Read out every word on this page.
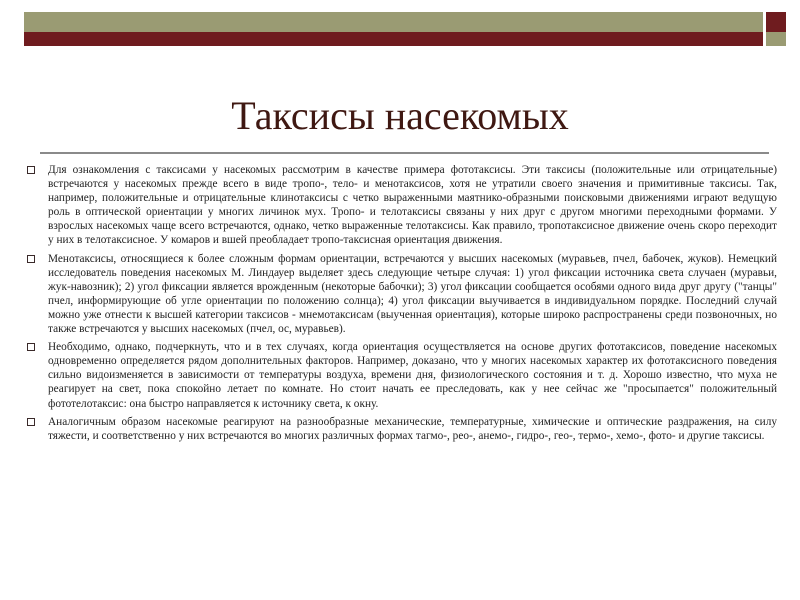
Таксисы насекомых

Для ознакомления с таксисами у насекомых рассмотрим в качестве примера фототаксисы. Эти таксисы (положительные или отрицательные) встречаются у насекомых прежде всего в виде тропо-, тело- и менотаксисов, хотя не утратили своего значения и примитивные таксисы. Так, например, положительные и отрицательные клинотаксисы с четко выраженными маятнико-образными поисковыми движениями играют ведущую роль в оптической ориентации у многих личинок мух. Тропо- и телотаксисы связаны у них друг с другом многими переходными формами. У взрослых насекомых чаще всего встречаются, однако, четко выраженные телотаксисы. Как правило, тропотаксисное движение очень скоро переходит у них в телотаксисное. У комаров и вшей преобладает тропо-таксисная ориентация движения.

Менотаксисы, относящиеся к более сложным формам ориентации, встречаются у высших насекомых (муравьев, пчел, бабочек, жуков). Немецкий исследователь поведения насекомых М. Линдауер выделяет здесь следующие четыре случая: 1) угол фиксации источника света случаен (муравьи, жук-навозник); 2) угол фиксации является врожденным (некоторые бабочки); 3) угол фиксации сообщается особями одного вида друг другу ("танцы" пчел, информирующие об угле ориентации по положению солнца); 4) угол фиксации выучивается в индивидуальном порядке. Последний случай можно уже отнести к высшей категории таксисов - мнемотаксисам (выученная ориентация), которые широко распространены среди позвоночных, но также встречаются у высших насекомых (пчел, ос, муравьев).

Необходимо, однако, подчеркнуть, что и в тех случаях, когда ориентация осуществляется на основе других фототаксисов, поведение насекомых одновременно определяется рядом дополнительных факторов. Например, доказано, что у многих насекомых характер их фототаксисного поведения сильно видоизменяется в зависимости от температуры воздуха, времени дня, физиологического состояния и т. д. Хорошо известно, что муха не реагирует на свет, пока спокойно летает по комнате. Но стоит начать ее преследовать, как у нее сейчас же "просыпается" положительный фототелотаксис: она быстро направляется к источнику света, к окну.

Аналогичным образом насекомые реагируют на разнообразные механические, температурные, химические и оптические раздражения, на силу тяжести, и соответственно у них встречаются во многих различных формах тагмо-, рео-, анемо-, гидро-, гео-, термо-, хемо-, фото- и другие таксисы.
